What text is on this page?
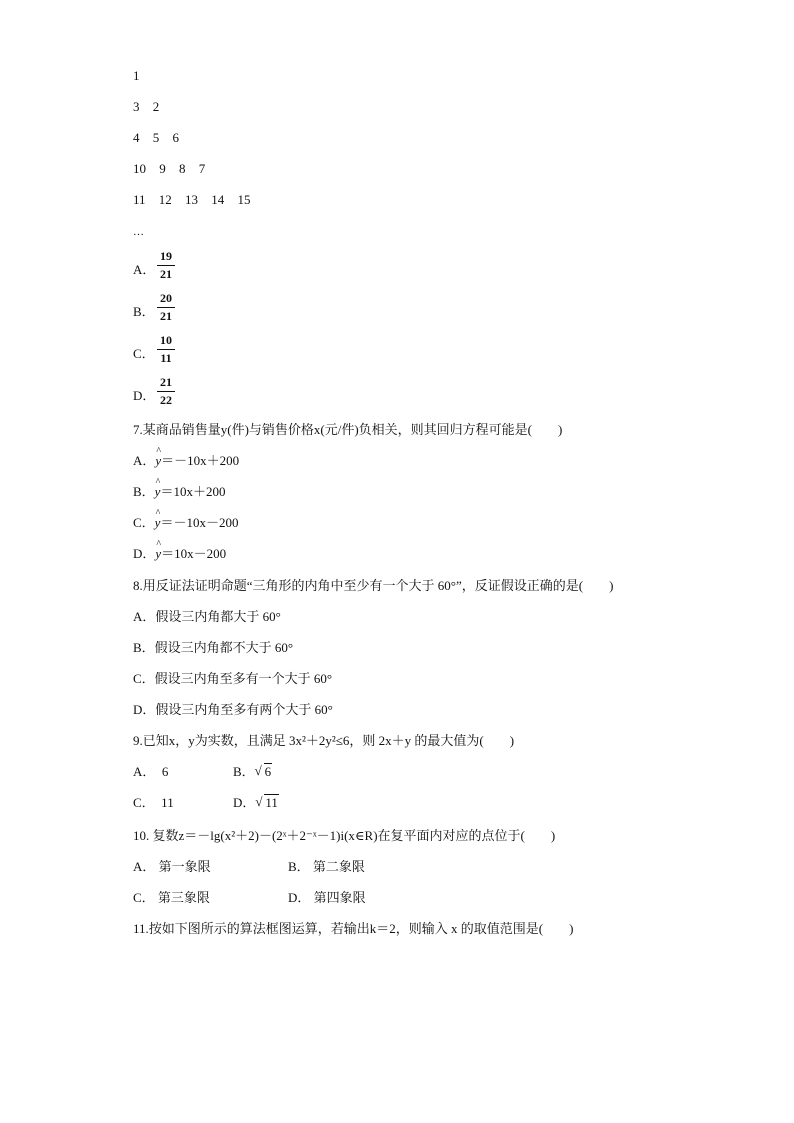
1
3 2
4 5 6
10 9 8 7
11 12 13 14 15
…
A．
19
21
B．
20
21
C．
10
11
D．
21
22
7.某商品销售量y(件)与销售价格x(元/件)负相关，则其回归方程可能是(　　)
A．^ y＝－10x＋200
B．^ y＝10x＋200
C．^ y＝－10x－200
D．^ y＝10x－200
8.用反证法证明命题“三角形的内角中至少有一个大于 60°”，反证假设正确的是(　　)
A．假设三内角都大于 60°
B．假设三内角都不大于 60°
C．假设三内角至多有一个大于 60°
D．假设三内角至多有两个大于 60°
9.已知x，y为实数，且满足 3x²＋2y²≤6，则 2x＋y 的最大值为(　　)
A． 6	B． √ 6
C． 11	D． √ 11
10. 复数z＝－lg(x²＋2)－(2ˣ＋2⁻ˣ－1)i(x∈R)在复平面内对应的点位于(　　)
A． 第一象限	B． 第二象限
C． 第三象限	D． 第四象限
11.按如下图所示的算法框图运算，若输出k＝2，则输入 x 的取值范围是(　　)
